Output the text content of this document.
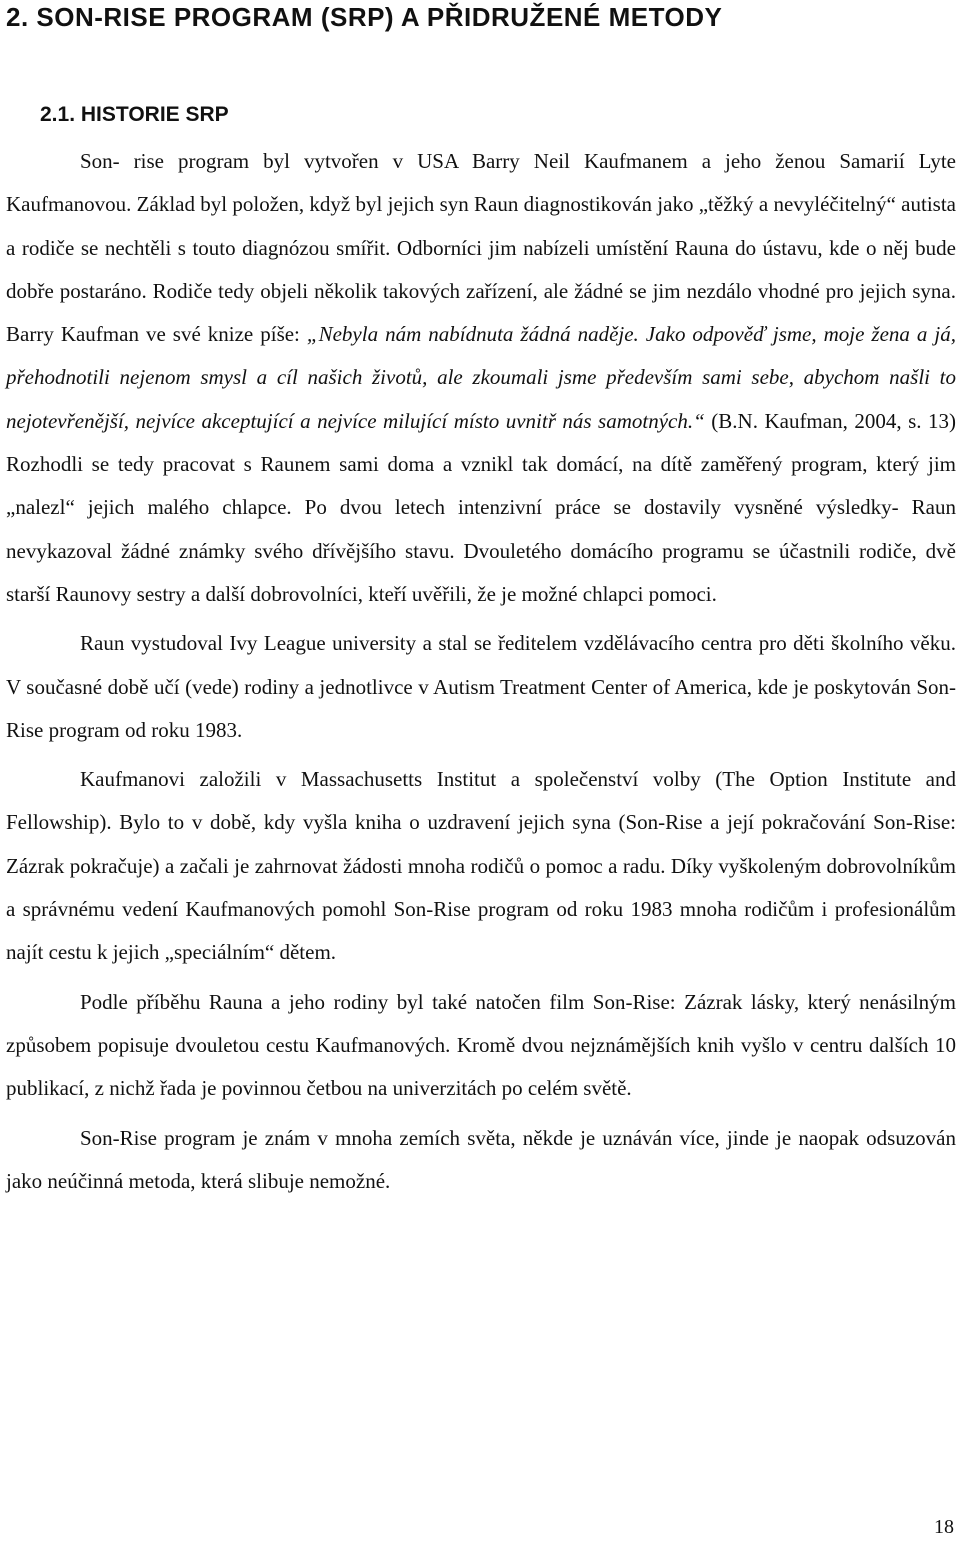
2. SON-RISE PROGRAM (SRP) A PŘIDRUŽENÉ METODY
2.1. HISTORIE SRP

Son- rise program byl vytvořen v USA Barry Neil Kaufmanem a jeho ženou Samarií Lyte Kaufmanovou. Základ byl položen, když byl jejich syn Raun diagnostikován jako „těžký a nevyléčitelný“ autista a rodiče se nechtěli s touto diagnózou smířit. Odborníci jim nabízeli umístění Rauna do ústavu, kde o něj bude dobře postaráno. Rodiče tedy objeli několik takových zařízení, ale žádné se jim nezdálo vhodné pro jejich syna. Barry Kaufman ve své knize píše: „Nebyla nám nabídnuta žádná naděje. Jako odpověď jsme, moje žena a já, přehodnotili nejenom smysl a cíl našich životů, ale zkoumali jsme především sami sebe, abychom našli to nejotevřenější, nejvíce akceptující a nejvíce milující místo uvnitř nás samotných.“ (B.N. Kaufman, 2004, s. 13) Rozhodli se tedy pracovat s Raunem sami doma a vznikl tak domácí, na dítě zaměřený program, který jim „nalezl“ jejich malého chlapce. Po dvou letech intenzivní práce se dostavily vysněné výsledky- Raun nevykazoval žádné známky svého dřívějšího stavu. Dvouletého domácího programu se účastnili rodiče, dvě starší Raunovy sestry a další dobrovolníci, kteří uvěřili, že je možné chlapci pomoci.

Raun vystudoval Ivy League university a stal se ředitelem vzdělávacího centra pro děti školního věku. V současné době učí (vede) rodiny a jednotlivce v Autism Treatment Center of America, kde je poskytován Son-Rise program od roku 1983.

Kaufmanovi založili v Massachusetts Institut a společenství volby (The Option Institute and Fellowship). Bylo to v době, kdy vyšla kniha o uzdravení jejich syna (Son-Rise a její pokračování Son-Rise: Zázrak pokračuje) a začali je zahrnovat žádosti mnoha rodičů o pomoc a radu. Díky vyškoleným dobrovolníkům a správnému vedení Kaufmanových pomohl Son-Rise program od roku 1983 mnoha rodičům i profesionálům najít cestu k jejich „speciálním“ dětem.

Podle příběhu Rauna a jeho rodiny byl také natočen film Son-Rise: Zázrak lásky, který nenásilným způsobem popisuje dvouletou cestu Kaufmanových. Kromě dvou nejznámějších knih vyšlo v centru dalších 10 publikací, z nichž řada je povinnou četbou na univerzitách po celém světě.

Son-Rise program je znám v mnoha zemích světa, někde je uznáván více, jinde je naopak odsuzován jako neúčinná metoda, která slibuje nemožné.

18
